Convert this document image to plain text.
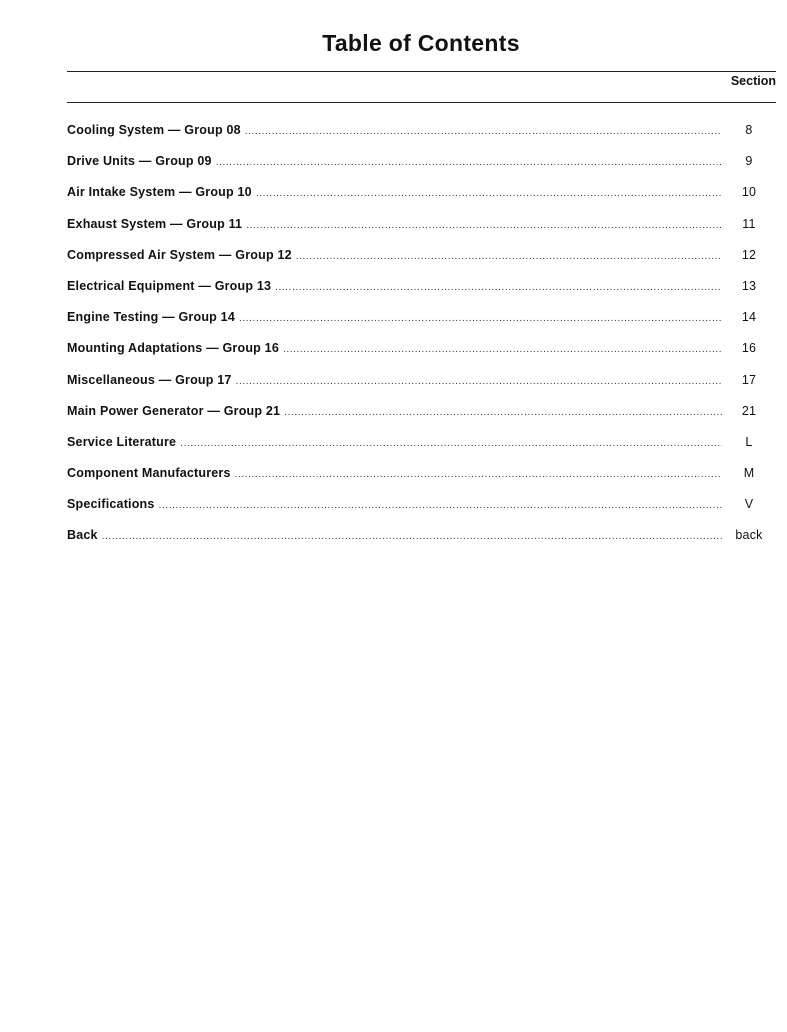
Table of Contents
Section
Cooling System — Group 08 .....	8
Drive Units — Group 09 .....	9
Air Intake System — Group 10 .....	10
Exhaust System — Group 11 .....	11
Compressed Air System — Group 12 .....	12
Electrical Equipment — Group 13 .....	13
Engine Testing — Group 14 .....	14
Mounting Adaptations — Group 16 .....	16
Miscellaneous — Group 17 .....	17
Main Power Generator — Group 21 .....	21
Service Literature .....	L
Component Manufacturers .....	M
Specifications .....	V
Back .....	back
